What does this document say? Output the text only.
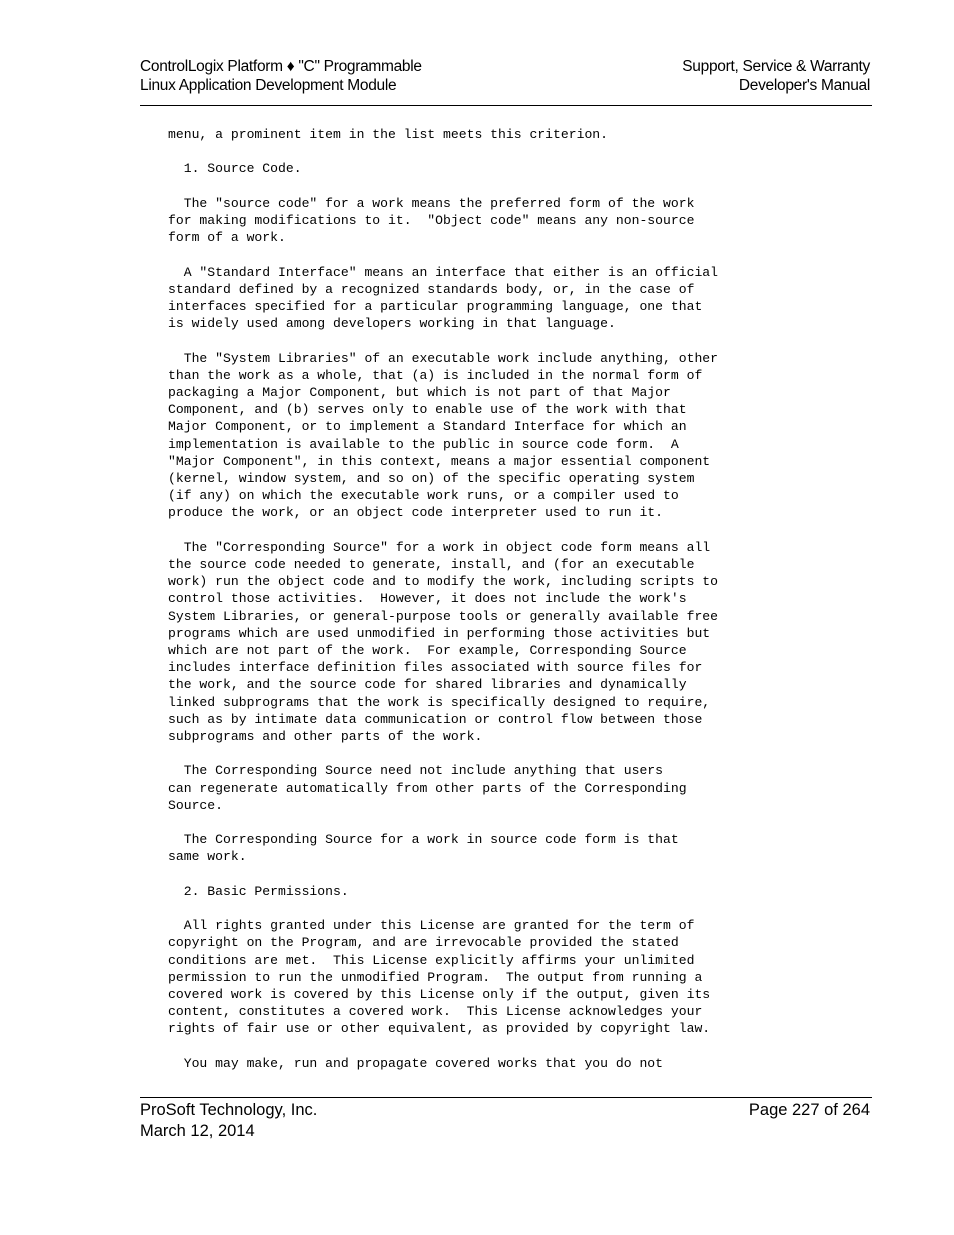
ControlLogix Platform ♦ "C" Programmable
Linux Application Development Module
Support, Service & Warranty
Developer's Manual
menu, a prominent item in the list meets this criterion.
1. Source Code.
The "source code" for a work means the preferred form of the work
for making modifications to it.  "Object code" means any non-source
form of a work.
A "Standard Interface" means an interface that either is an official
standard defined by a recognized standards body, or, in the case of
interfaces specified for a particular programming language, one that
is widely used among developers working in that language.
The "System Libraries" of an executable work include anything, other
than the work as a whole, that (a) is included in the normal form of
packaging a Major Component, but which is not part of that Major
Component, and (b) serves only to enable use of the work with that
Major Component, or to implement a Standard Interface for which an
implementation is available to the public in source code form.  A
"Major Component", in this context, means a major essential component
(kernel, window system, and so on) of the specific operating system
(if any) on which the executable work runs, or a compiler used to
produce the work, or an object code interpreter used to run it.
The "Corresponding Source" for a work in object code form means all
the source code needed to generate, install, and (for an executable
work) run the object code and to modify the work, including scripts to
control those activities.  However, it does not include the work's
System Libraries, or general-purpose tools or generally available free
programs which are used unmodified in performing those activities but
which are not part of the work.  For example, Corresponding Source
includes interface definition files associated with source files for
the work, and the source code for shared libraries and dynamically
linked subprograms that the work is specifically designed to require,
such as by intimate data communication or control flow between those
subprograms and other parts of the work.
The Corresponding Source need not include anything that users
can regenerate automatically from other parts of the Corresponding
Source.
The Corresponding Source for a work in source code form is that
same work.
2. Basic Permissions.
All rights granted under this License are granted for the term of
copyright on the Program, and are irrevocable provided the stated
conditions are met.  This License explicitly affirms your unlimited
permission to run the unmodified Program.  The output from running a
covered work is covered by this License only if the output, given its
content, constitutes a covered work.  This License acknowledges your
rights of fair use or other equivalent, as provided by copyright law.
You may make, run and propagate covered works that you do not
ProSoft Technology, Inc.
March 12, 2014
Page 227 of 264
